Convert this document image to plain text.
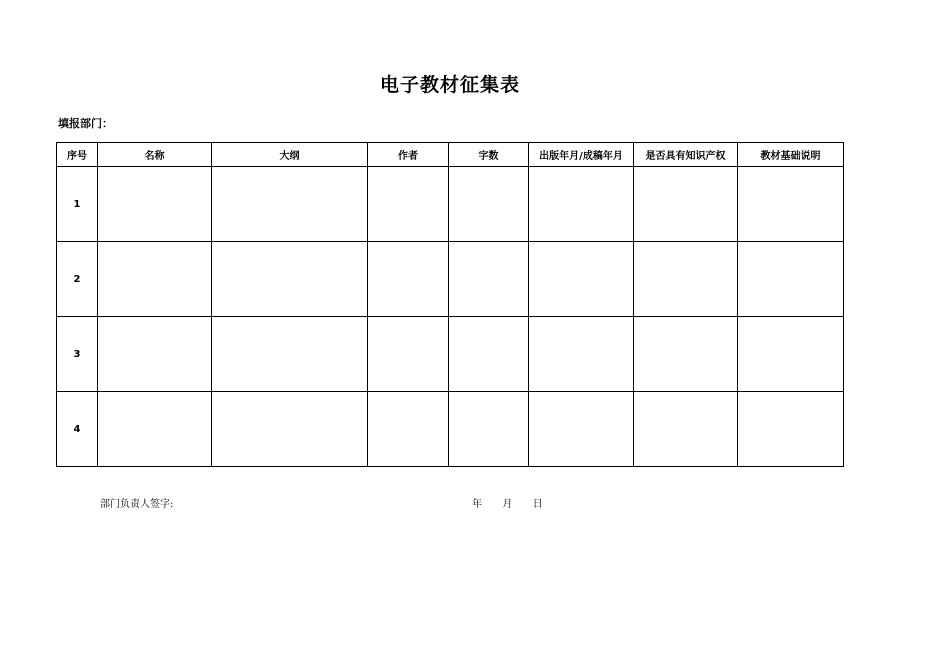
电子教材征集表
填报部门：
序号	名称	大纲	作者	字数	出版年月/成稿年月	是否具有知识产权	教材基础说明
1							
2							
3							
4							
部门负责人签字:	年 月 日
